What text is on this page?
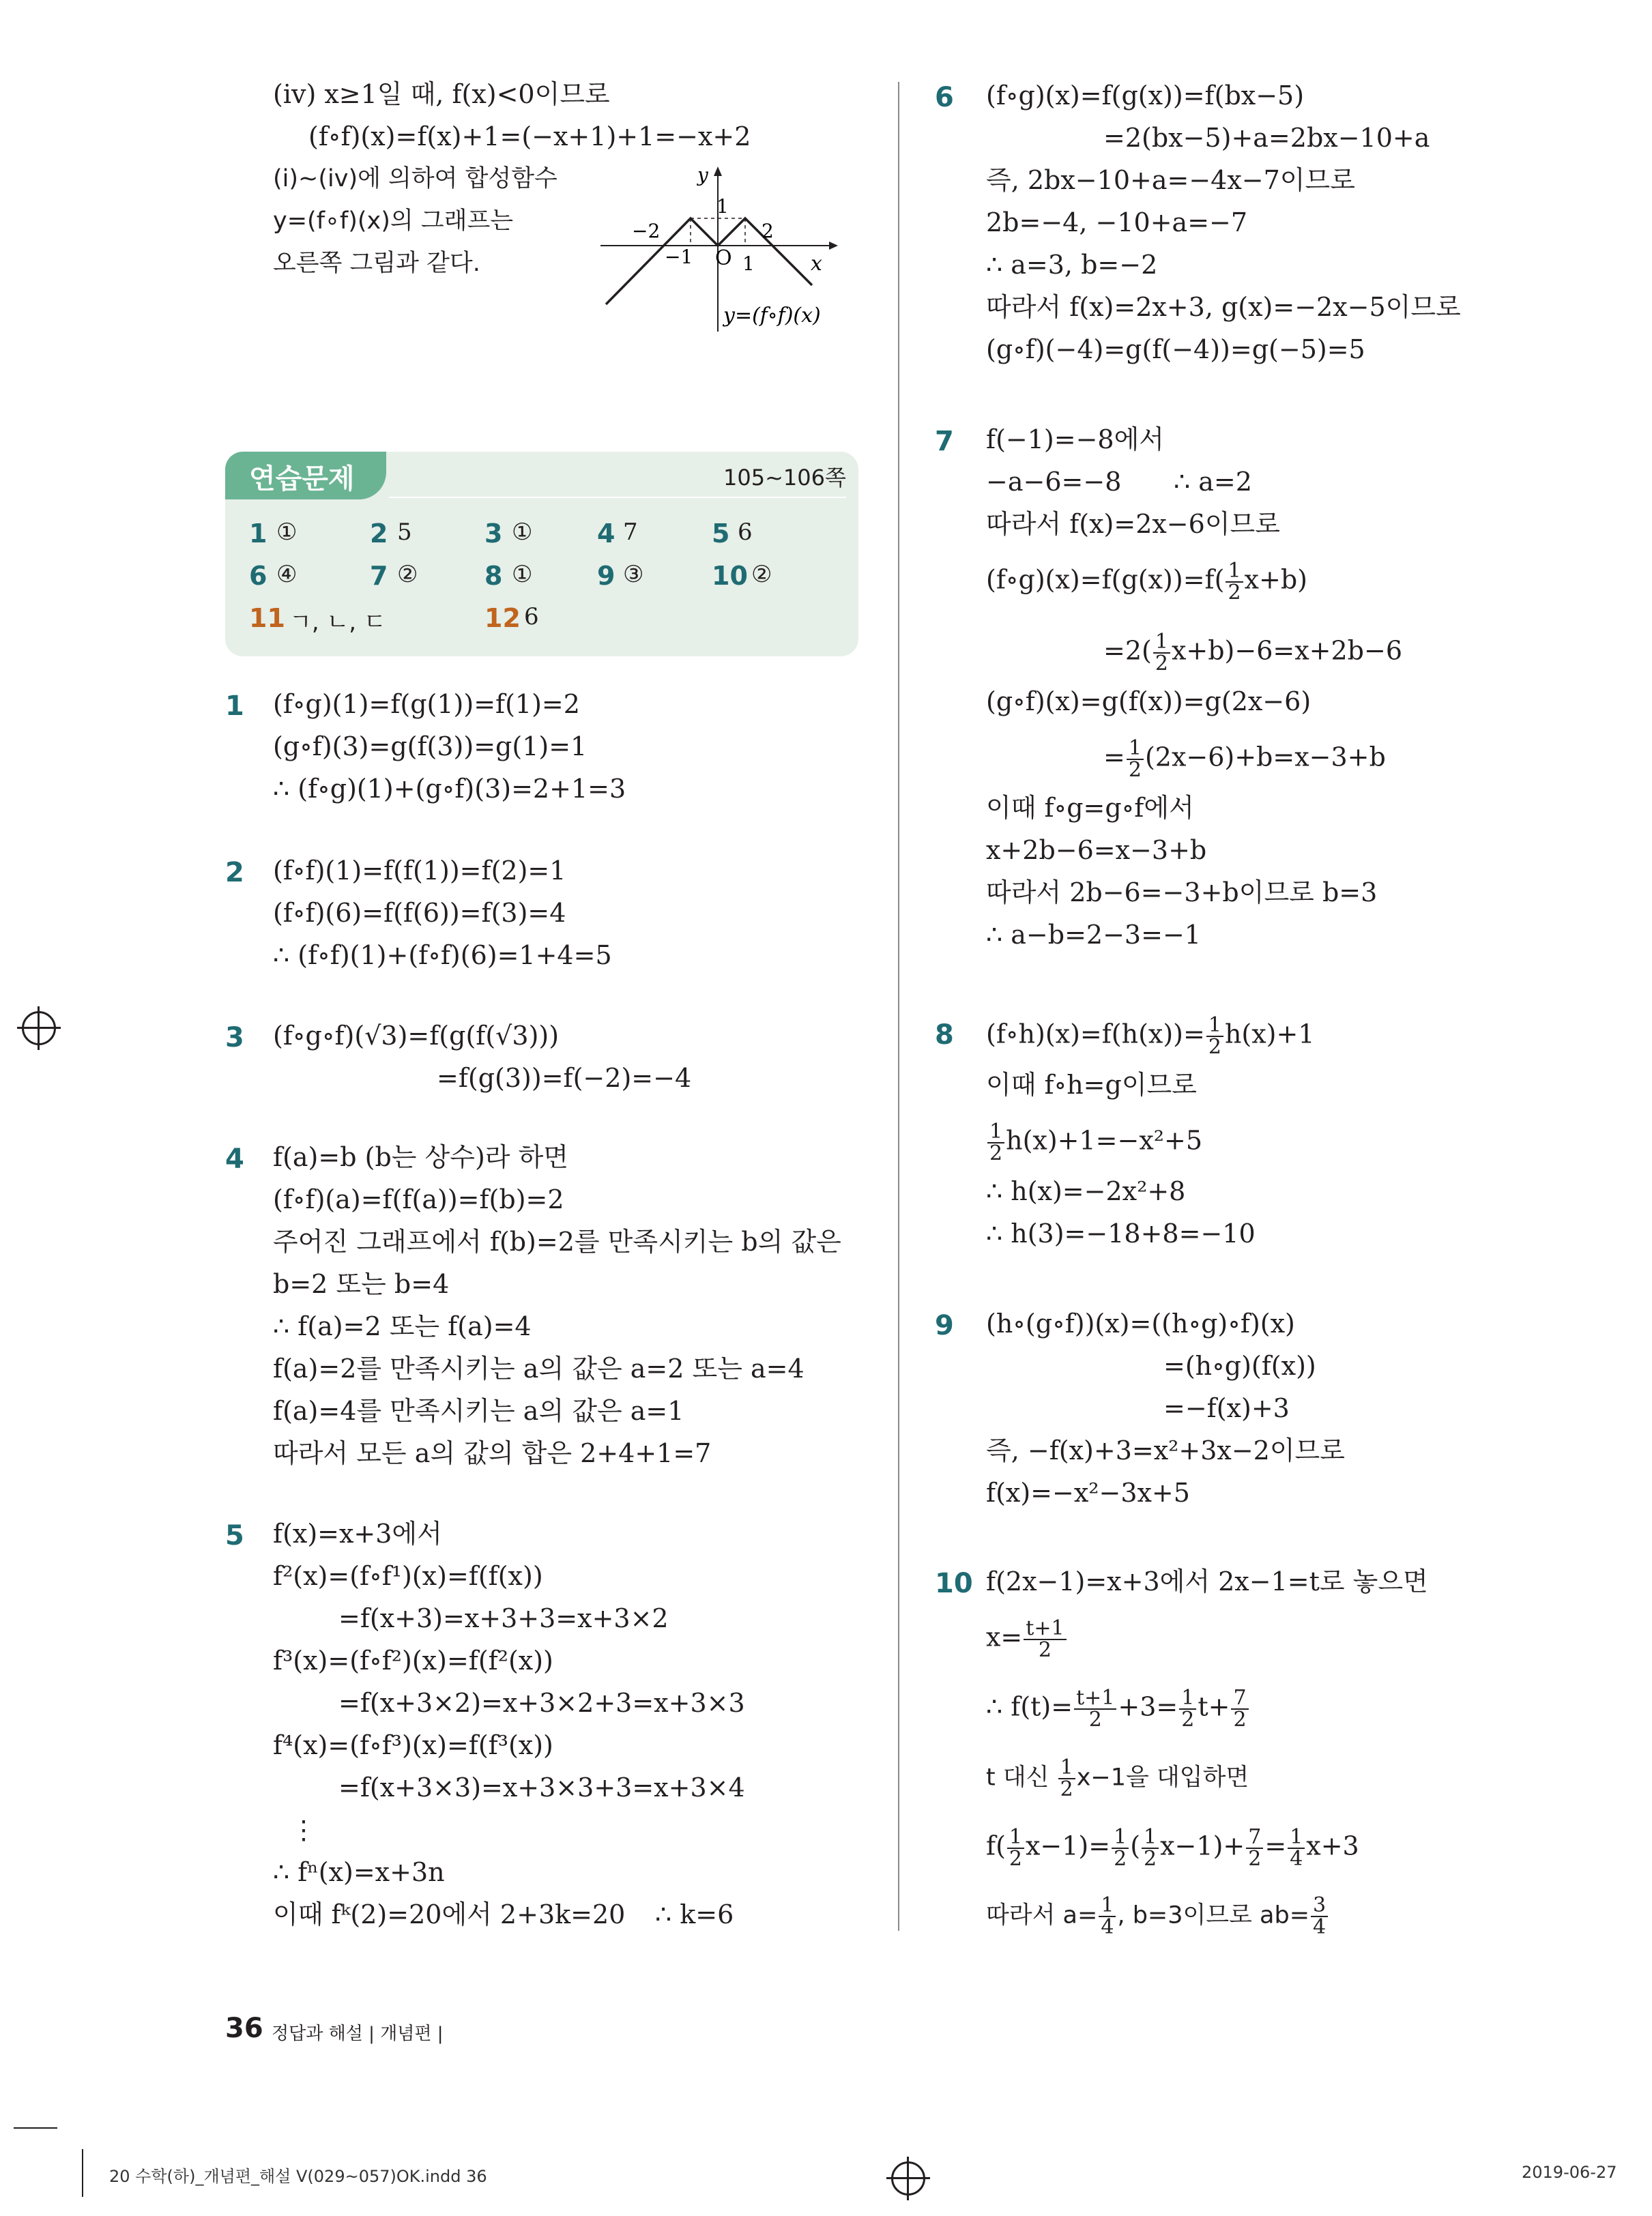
(iv) x≥1일 때, f(x)<0이므로
(f∘f)(x)=f(x)+1=(−x+1)+1=−x+2
(i)~(iv)에 의하여 합성함수
y=(f∘f)(x)의 그래프는
오른쪽 그림과 같다.
y
x
O
−2
−1	1
2
1
y=(f∘f)(x)
연습문제	105~106쪽
1 ①	2 5	3 ① 4 7	5 6
6 ④	7 ②	8 ① 9 ③	10 ②
11 ㄱ, ㄴ, ㄷ	12 6
1 (f∘g)(1)=f(g(1))=f(1)=2
(g∘f)(3)=g(f(3))=g(1)=1
∴ (f∘g)(1)+(g∘f)(3)=2+1=3
2 (f∘f)(1)=f(f(1))=f(2)=1
(f∘f)(6)=f(f(6))=f(3)=4
∴ (f∘f)(1)+(f∘f)(6)=1+4=5
3 (f∘g∘f)(√3)=f(g(f(√3)))
=f(g(3))=f(−2)=−4
4 f(a)=b (b는 상수)라 하면
(f∘f)(a)=f(f(a))=f(b)=2
주어진 그래프에서 f(b)=2를 만족시키는 b의 값은
b=2 또는 b=4
∴ f(a)=2 또는 f(a)=4
f(a)=2를 만족시키는 a의 값은 a=2 또는 a=4
f(a)=4를 만족시키는 a의 값은 a=1
따라서 모든 a의 값의 합은 2+4+1=7
5 f(x)=x+3에서
f²(x)=(f∘f¹)(x)=f(f(x))
=f(x+3)=x+3+3=x+3×2
f³(x)=(f∘f²)(x)=f(f²(x))
=f(x+3×2)=x+3×2+3=x+3×3
f⁴(x)=(f∘f³)(x)=f(f³(x))
=f(x+3×3)=x+3×3+3=x+3×4
⋮
∴ fⁿ(x)=x+3n
이때 fᵏ(2)=20에서 2+3k=20 ∴ k=6
6 (f∘g)(x)=f(g(x))=f(bx−5)
=2(bx−5)+a=2bx−10+a
즉, 2bx−10+a=−4x−7이므로
2b=−4, −10+a=−7
∴ a=3, b=−2
따라서 f(x)=2x+3, g(x)=−2x−5이므로
(g∘f)(−4)=g(f(−4))=g(−5)=5
7 f(−1)=−8에서
−a−6=−8 ∴ a=2
따라서 f(x)=2x−6이므로
(f∘g)(x)=f(g(x))=f( $\frac{1}{2} x+b$)
$=2( \frac{1}{2} x+b)-6=x+2b-6$
(g∘f)(x)=g(f(x))=g(2x−6)
= $\frac{1}{2} (2x-6)+b=x-3+b$
이때 f∘g=g∘f에서
x+2b−6=x−3+b
따라서 2b−6=−3+b이므로 b=3
∴ a−b=2−3=−1
8 (f∘h)(x)=f(h(x))= $\frac{1}{2} h(x)+1$
이때 f∘h=g이므로
$\frac{1}{2} h(x)+1=-x^2+5$
∴ h(x)=−2x²+8
∴ h(3)=−18+8=−10
9 (h∘(g∘f))(x)=((h∘g)∘f)(x)
=(h∘g)(f(x))
=−f(x)+3
즉, −f(x)+3=x²+3x−2이므로
f(x)=−x²−3x+5
10 f(2x−1)=x+3에서 2x−1=t로 놓으면
$x= \frac{t+1}{2}$
∴ $f(t)= \frac{t+1}{2} +3= \frac{1}{2} t+ \frac{7}{2}$
t 대신 $\frac{1}{2} x-1$을 대입하면
$f( \frac{1}{2} x-1)= \frac{1}{2}$ ( $\frac{1}{2} x-1)+ \frac{7}{2} = \frac{1}{4} x+3$
따라서 $a= \frac{1}{4}$ , b=3이므로 $ab= \frac{3}{4}$
36 정답과 해설 | 개념편 |
20 수학(하)_개념편_해설 V(029~057)OK.indd 36	2019-06-27
